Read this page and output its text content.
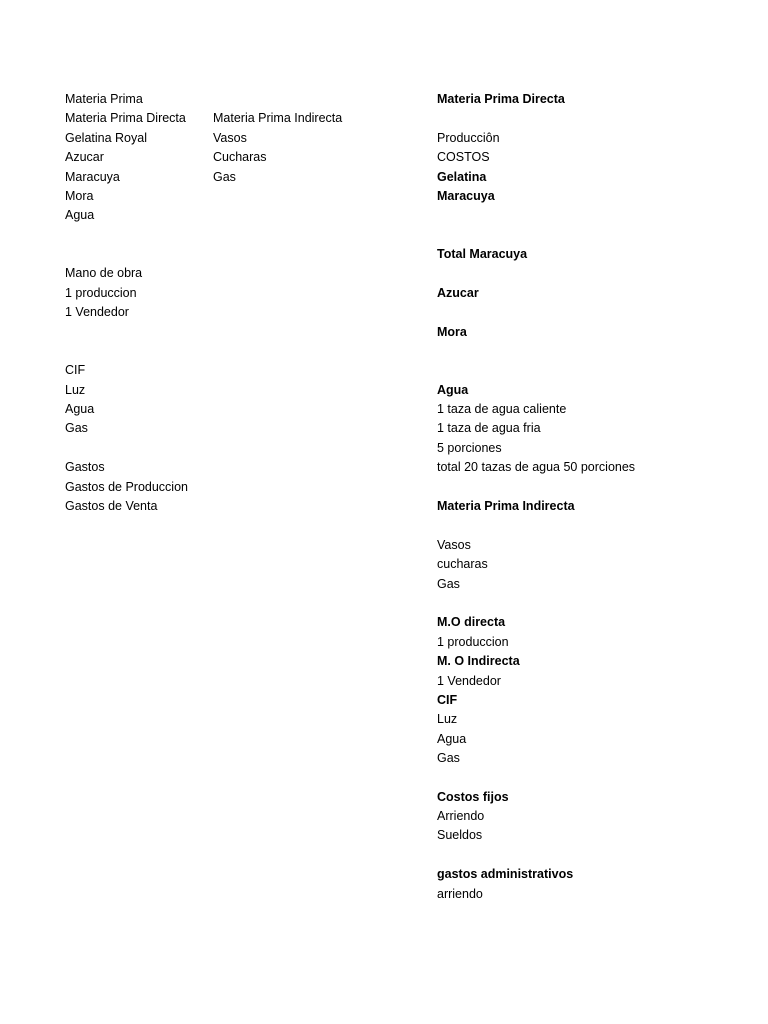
Materia Prima
Materia Prima Directa
Gelatina Royal
Azucar
Maracuya
Mora
Agua
Mano de obra
1 produccion
1 Vendedor
CIF
Luz
Agua
Gas
Gastos
Gastos de Produccion
Gastos de Venta
Materia Prima Indirecta
Vasos
Cucharas
Gas
Materia Prima Directa
Producciôn
COSTOS
Gelatina
Maracuya
Total Maracuya
Azucar
Mora
Agua
1 taza de agua caliente
1 taza de agua fria
5 porciones
total 20 tazas de agua 50 porciones
Materia Prima Indirecta
Vasos
cucharas
Gas
M.O directa
1 produccion
M. O Indirecta
1 Vendedor
CIF
Luz
Agua
Gas
Costos fijos
Arriendo
Sueldos
gastos administrativos
arriendo
